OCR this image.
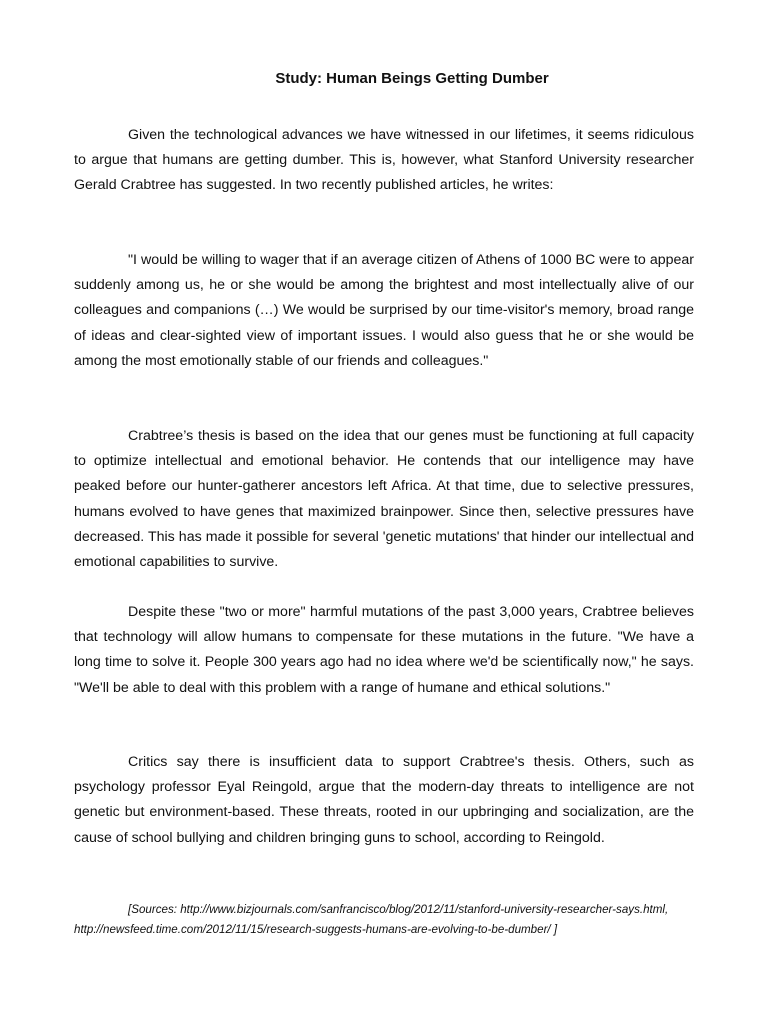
Study: Human Beings Getting Dumber

Given the technological advances we have witnessed in our lifetimes, it seems ridiculous to argue that humans are getting dumber. This is, however, what Stanford University researcher Gerald Crabtree has suggested. In two recently published articles, he writes:

"I would be willing to wager that if an average citizen of Athens of 1000 BC were to appear suddenly among us, he or she would be among the brightest and most intellectually alive of our colleagues and companions (…) We would be surprised by our time-visitor's memory, broad range of ideas and clear-sighted view of important issues. I would also guess that he or she would be among the most emotionally stable of our friends and colleagues."

Crabtree’s thesis is based on the idea that our genes must be functioning at full capacity to optimize intellectual and emotional behavior. He contends that our intelligence may have peaked before our hunter-gatherer ancestors left Africa. At that time, due to selective pressures, humans evolved to have genes that maximized brainpower. Since then, selective pressures have decreased. This has made it possible for several 'genetic mutations' that hinder our intellectual and emotional capabilities to survive.

Despite these "two or more" harmful mutations of the past 3,000 years, Crabtree believes that technology will allow humans to compensate for these mutations in the future. "We have a long time to solve it. People 300 years ago had no idea where we'd be scientifically now," he says. "We'll be able to deal with this problem with a range of humane and ethical solutions."

Critics say there is insufficient data to support Crabtree's thesis. Others, such as psychology professor Eyal Reingold, argue that the modern-day threats to intelligence are not genetic but environment-based. These threats, rooted in our upbringing and socialization, are the cause of school bullying and children bringing guns to school, according to Reingold.

[Sources: http://www.bizjournals.com/sanfrancisco/blog/2012/11/stanford-university-researcher-says.html, http://newsfeed.time.com/2012/11/15/research-suggests-humans-are-evolving-to-be-dumber/ ]
